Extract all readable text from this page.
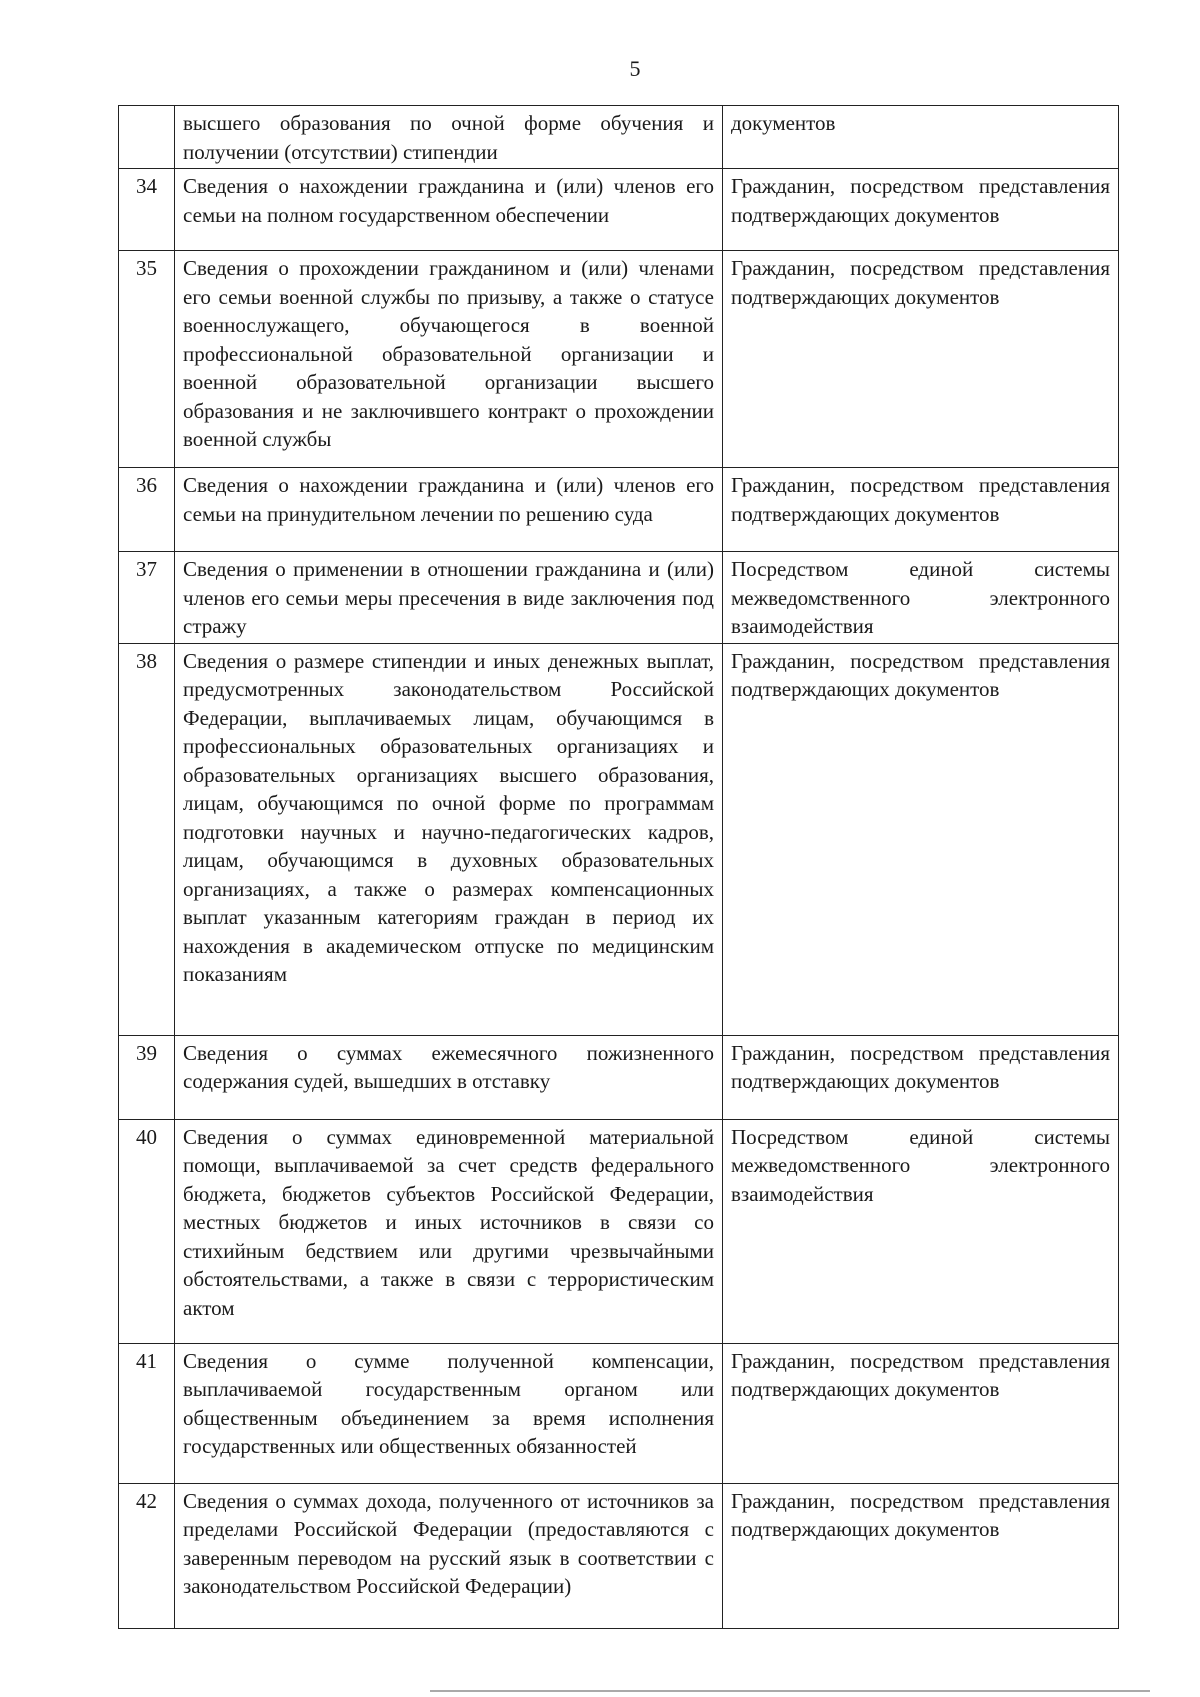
5
	высшего образования по очной форме обучения и получении (отсутствии) стипендии	документов
34	Сведения о нахождении гражданина и (или) членов его семьи на полном государственном обеспечении	Гражданин, посредством представления подтверждающих документов
35	Сведения о прохождении гражданином и (или) членами его семьи военной службы по призыву, а также о статусе военнослужащего, обучающегося в военной профессиональной образовательной организации и военной образовательной организации высшего образования и не заключившего контракт о прохождении военной службы	Гражданин, посредством представления подтверждающих документов
36	Сведения о нахождении гражданина и (или) членов его семьи на принудительном лечении по решению суда	Гражданин, посредством представления подтверждающих документов
37	Сведения о применении в отношении гражданина и (или) членов его семьи меры пресечения в виде заключения под стражу	Посредством единой системы межведомственного электронного взаимодействия
38	Сведения о размере стипендии и иных денежных выплат, предусмотренных законодательством Российской Федерации, выплачиваемых лицам, обучающимся в профессиональных образовательных организациях и образовательных организациях высшего образования, лицам, обучающимся по очной форме по программам подготовки научных и научно-педагогических кадров, лицам, обучающимся в духовных образовательных организациях, а также о размерах компенсационных выплат указанным категориям граждан в период их нахождения в академическом отпуске по медицинским показаниям	Гражданин, посредством представления подтверждающих документов
39	Сведения о суммах ежемесячного пожизненного содержания судей, вышедших в отставку	Гражданин, посредством представления подтверждающих документов
40	Сведения о суммах единовременной материальной помощи, выплачиваемой за счет средств федерального бюджета, бюджетов субъектов Российской Федерации, местных бюджетов и иных источников в связи со стихийным бедствием или другими чрезвычайными обстоятельствами, а также в связи с террористическим актом	Посредством единой системы межведомственного электронного взаимодействия
41	Сведения о сумме полученной компенсации, выплачиваемой государственным органом или общественным объединением за время исполнения государственных или общественных обязанностей	Гражданин, посредством представления подтверждающих документов
42	Сведения о суммах дохода, полученного от источников за пределами Российской Федерации (предоставляются с заверенным переводом на русский язык в соответствии с законодательством Российской Федерации)	Гражданин, посредством представления подтверждающих документов
